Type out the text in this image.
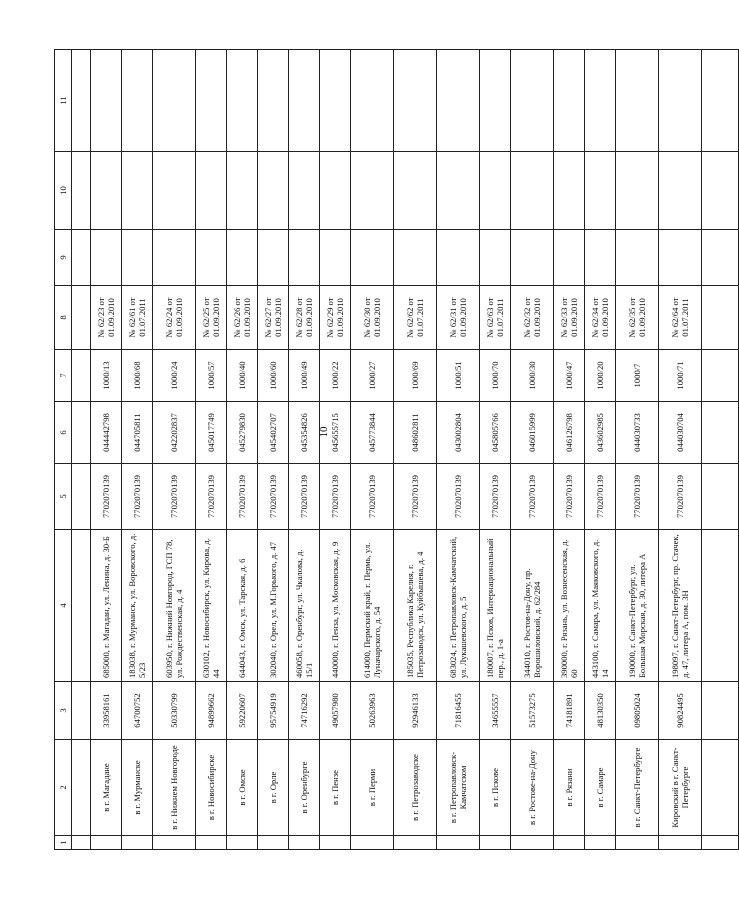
10
1	2	3	4	5	6	7	8	9	10	11

	в г. Магадане	33958161	685000, г. Магадан, ул. Ленина, д. 30-Б	7702070139	044442798	1000/13	№ 62/23 от 01.09.2010			
	в г. Мурманске	64700752	183038, г. Мурманск, ул. Воровского, д. 5/23	7702070139	044705811	1000/68	№ 62/61 от 01.07.2011			
	в г. Нижнем Новгороде	50330799	603950, г. Нижний Новгород, ГСП 78, ул. Рождественская, д. 4	7702070139	042202837	1000/24	№ 62/24 от 01.09.2010			
	в г. Новосибирске	94899662	630102, г. Новосибирск, ул. Кирова, д. 44	7702070139	045017749	1000/57	№ 62/25 от 01.09.2010			
	в г. Омске	59220607	644043, г. Омск, ул. Тарская, д. 6	7702070139	045279830	1000/40	№ 62/26 от 01.09.2010			
	в г. Орле	95754919	302040, г. Орел, ул. М.Горького, д. 47	7702070139	045402707	1000/60	№ 62/27 от 01.09.2010			
	в г. Оренбурге	74716292	460058, г. Оренбург, ул. Чкалова, д. 15/1	7702070139	045354826	1000/49	№ 62/28 от 01.09.2010			
	в г. Пензе	49057980	440000, г. Пенза, ул. Московская, д. 9	7702070139	045655715	1000/22	№ 62/29 от 01.09.2010			
	в г. Перми	50263963	614000, Пермский край, г. Пермь, ул. Луначарского, д. 54	7702070139	045773844	1000/27	№ 62/30 от 01.09.2010			
	в г. Петрозаводске	92946133	185035, Республика Карелия, г. Петрозаводск, ул. Куйбышева, д. 4	7702070139	048602811	1000/69	№ 62/62 от 01.07.2011			
	в г. Петропавловск-Камчатском	71816455	683024, г. Петропавловск-Камчатский, ул. Лукашевского, д. 5	7702070139	043002804	1000/51	№ 62/31 от 01.09.2010			
	в г. Пскове	34655557	180007, г. Псков, Интернациональный пер., д. 1-а	7702070139	045805766	1000/70	№ 62/63 от 01.07.2011			
	в г. Ростове-на-Дону	51573275	344010, г. Ростов-на-Дону, пр. Ворошиловский, д. 62/284	7702070139	046015999	1000/30	№ 62/32 от 01.09.2010			
	в г. Рязани	74181891	390000, г. Рязань, ул. Вознесенская, д. 60	7702070139	046126798	1000/47	№ 62/33 от 01.09.2010			
	в г. Самаре	48130350	443100, г. Самара, ул. Маяковского, д. 14	7702070139	043602985	1000/20	№ 62/34 от 01.09.2010			
	в г. Санкт-Петербурге	09805024	190000, г. Санкт-Петербург, ул. Большая Морская, д. 30, литера А	7702070139	044030733	1000/7	№ 62/35 от 01.09.2010			
	Кировский в г. Санкт-Петербурге	90824495	198097, г. Санкт-Петербург, пр. Стачек, д. 47, литера А, пом. 3Н	7702070139	044030704	1000/71	№ 62/64 от 01.07.2011			
